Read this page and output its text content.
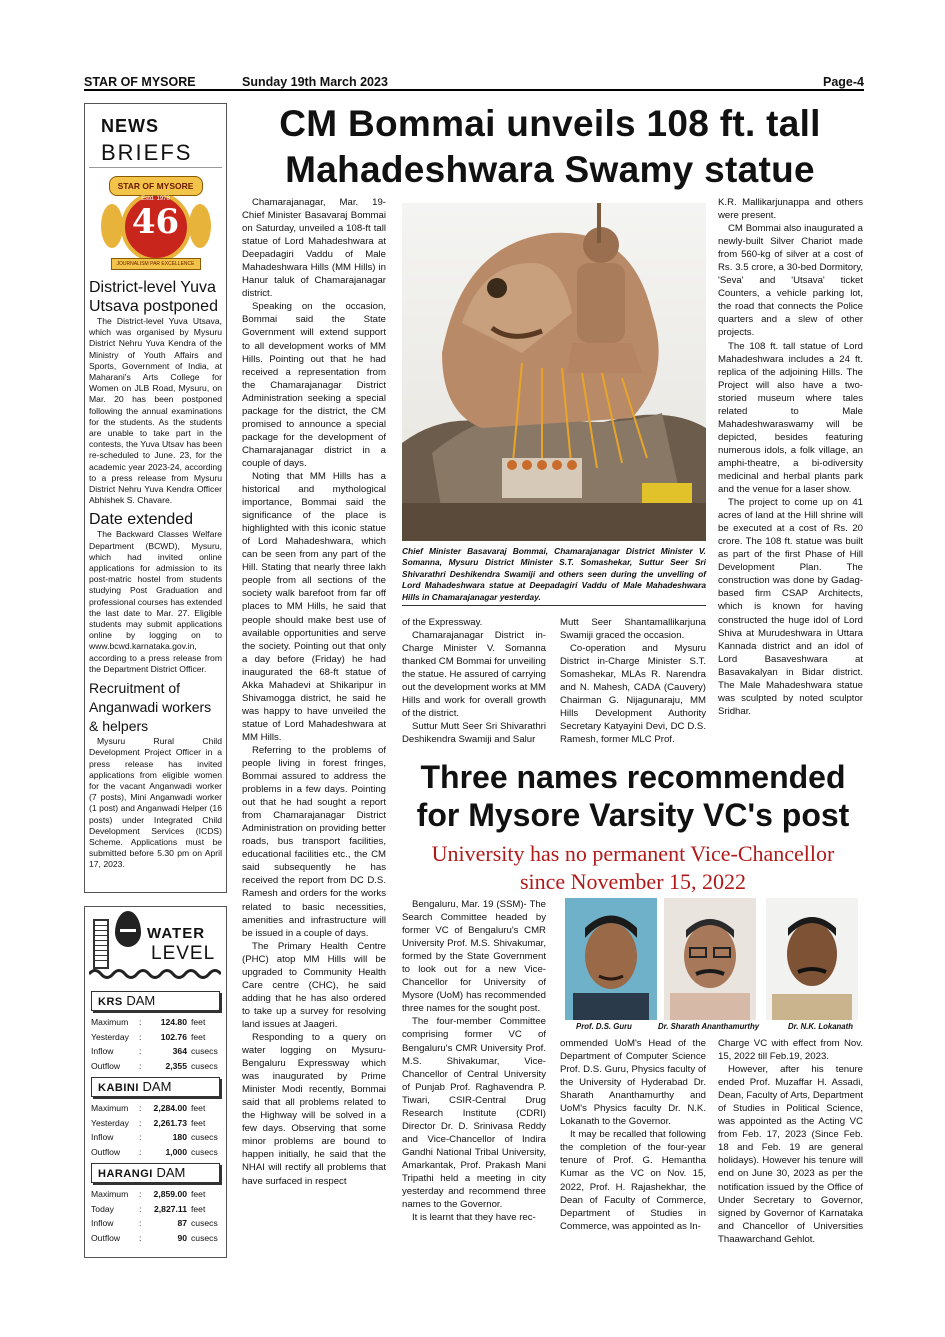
STAR OF MYSORE	Sunday 19th March 2023	Page-4
NEWS
BRIEFS
46
STAR OF MYSORE
Estd. 1978
JOURNALISM PAR EXCELLENCE
District-level Yuva Utsava postponed
The District-level Yuva Utsava, which was organised by Mysuru District Nehru Yuva Kendra of the Ministry of Youth Affairs and Sports, Government of India, at Maharani's Arts College for Women on JLB Road, Mysuru, on Mar. 20 has been postponed following the annual examinations for the students. As the students are unable to take part in the contests, the Yuva Utsav has been re-scheduled to June. 23, for the academic year 2023-24, according to a press release from Mysuru District Nehru Yuva Kendra Officer Abhishek S. Chavare.
Date extended
The Backward Classes Welfare Department (BCWD), Mysuru, which had invited online applications for admission to its post-matric hostel from students studying Post Graduation and professional courses has extended the last date to Mar. 27. Eligible students may submit applications online by logging on to www.bcwd.karnataka.gov.in, according to a press release from the Department District Officer.
Recruitment of Anganwadi workers & helpers
Mysuru Rural Child Development Project Officer in a press release has invited applications from eligible women for the vacant Anganwadi worker (7 posts), Mini Anganwadi worker (1 post) and Anganwadi Helper (16 posts) under Integrated Child Development Services (ICDS) Scheme. Applications must be submitted before 5.30 pm on April 17, 2023.
WATER
LEVEL
KRS DAM
Maximum	:	124.80	feet
Yesterday	:	102.76	feet
Inflow	:	364	cusecs
Outflow	:	2,355	cusecs
KABINI DAM
Maximum	:	2,284.00	feet
Yesterday	:	2,261.73	feet
Inflow	:	180	cusecs
Outflow	:	1,000	cusecs
HARANGI DAM
Maximum	:	2,859.00	feet
Today	:	2,827.11	feet
Inflow	:	87	cusecs
Outflow	:	90	cusecs
CM Bommai unveils 108 ft. tall
Mahadeshwara Swamy statue

Chamarajanagar, Mar. 19- Chief Minister Basavaraj Bommai on Saturday, unveiled a 108-ft tall statue of Lord Mahadeshwara at Deepadagiri Vaddu of Male Mahadeshwara Hills (MM Hills) in Hanur taluk of Chamarajanagar district.

Speaking on the occasion, Bommai said the State Government will extend support to all development works of MM Hills. Pointing out that he had received a representation from the Chamarajanagar District Administration seeking a special package for the district, the CM promised to announce a special package for the development of Chamarajanagar district in a couple of days.

Noting that MM Hills has a historical and mythological importance, Bommai said the significance of the place is highlighted with this iconic statue of Lord Mahadeshwara, which can be seen from any part of the Hill. Stating that nearly three lakh people from all sections of the society walk barefoot from far off places to MM Hills, he said that people should make best use of available opportunities and serve the society. Pointing out that only a day before (Friday) he had inaugurated the 68-ft statue of Akka Mahadevi at Shikaripur in Shivamogga district, he said he was happy to have unveiled the statue of Lord Mahadeshwara at MM Hills.

Referring to the problems of people living in forest fringes, Bommai assured to address the problems in a few days. Pointing out that he had sought a report from Chamarajanagar District Administration on providing better roads, bus transport facilities, educational facilities etc., the CM said subsequently he has received the report from DC D.S. Ramesh and orders for the works related to basic necessities, amenities and infrastructure will be issued in a couple of days.

The Primary Health Centre (PHC) atop MM Hills will be upgraded to Community Health Care centre (CHC), he said adding that he has also ordered to take up a survey for resolving land issues at Jaageri.

Responding to a query on water logging on Mysuru-Bengaluru Expressway which was inaugurated by Prime Minister Modi recently, Bommai said that all problems related to the Highway will be solved in a few days. Observing that some minor problems are bound to happen initially, he said that the NHAI will rectify all problems that have surfaced in respect

Chief Minister Basavaraj Bommai, Chamarajanagar District Minister V. Somanna, Mysuru District Minister S.T. Somashekar, Suttur Seer Sri Shivarathri Deshikendra Swamiji and others seen during the unvelling of Lord Mahadeshwara statue at Deepadagiri Vaddu of Male Mahadeshwara Hills in Chamarajanagar yesterday.

of the Expressway.

Chamarajanagar District in-Charge Minister V. Somanna thanked CM Bommai for unveiling the statue. He assured of carrying out the development works at MM Hills and work for overall growth of the district.

Suttur Mutt Seer Sri Shivarathri Deshikendra Swamiji and Salur

Mutt Seer Shantamallikarjuna Swamiji graced the occasion.

Co-operation and Mysuru District in-Charge Minister S.T. Somashekar, MLAs R. Narendra and N. Mahesh, CADA (Cauvery) Chairman G. Nijagunaraju, MM Hills Development Authority Secretary Katyayini Devi, DC D.S. Ramesh, former MLC Prof.

K.R. Mallikarjunappa and others were present.

CM Bommai also inaugurated a newly-built Silver Chariot made from 560-kg of silver at a cost of Rs. 3.5 crore, a 30-bed Dormitory, 'Seva' and 'Utsava' ticket Counters, a vehicle parking lot, the road that connects the Police quarters and a slew of other projects.

The 108 ft. tall statue of Lord Mahadeshwara includes a 24 ft. replica of the adjoining Hills. The Project will also have a two-storied museum where tales related to Male Mahadeshwaraswamy will be depicted, besides featuring numerous idols, a folk village, an amphi-theatre, a bi-odiversity medicinal and herbal plants park and the venue for a laser show.

The project to come up on 41 acres of land at the Hill shrine will be executed at a cost of Rs. 20 crore. The 108 ft. statue was built as part of the first Phase of Hill Development Plan. The construction was done by Gadag-based firm CSAP Architects, which is known for having constructed the huge idol of Lord Shiva at Murudeshwara in Uttara Kannada district and an idol of Lord Basaveshwara at Basavakalyan in Bidar district. The Male Mahadeshwara statue was sculpted by noted sculptor Sridhar.

Three names recommended
for Mysore Varsity VC's post
University has no permanent Vice-Chancellor
since November 15, 2022

Bengaluru, Mar. 19 (SSM)- The Search Committee headed by former VC of Bengaluru's CMR University Prof. M.S. Shivakumar, formed by the State Government to look out for a new Vice-Chancellor for University of Mysore (UoM) has recommended three names for the sought post.

The four-member Committee comprising former VC of Bengaluru's CMR University Prof. M.S. Shivakumar, Vice-Chancellor of Central University of Punjab Prof. Raghavendra P. Tiwari, CSIR-Central Drug Research Institute (CDRI) Director Dr. D. Srinivasa Reddy and Vice-Chancellor of Indira Gandhi National Tribal University, Amarkantak, Prof. Prakash Mani Tripathi held a meeting in city yesterday and recommend three names to the Governor.

It is learnt that they have rec-

Prof. D.S. Guru	Dr. Sharath Ananthamurthy	Dr. N.K. Lokanath

ommended UoM's Head of the Department of Computer Science Prof. D.S. Guru, Physics faculty of the University of Hyderabad Dr. Sharath Ananthamurthy and UoM's Physics faculty Dr. N.K. Lokanath to the Governor.

It may be recalled that following the completion of the four-year tenure of Prof. G. Hemantha Kumar as the VC on Nov. 15, 2022, Prof. H. Rajashekhar, the Dean of Faculty of Commerce, Department of Studies in Commerce, was appointed as In-

Charge VC with effect from Nov. 15, 2022 till Feb.19, 2023.

However, after his tenure ended Prof. Muzaffar H. Assadi, Dean, Faculty of Arts, Department of Studies in Political Science, was appointed as the Acting VC from Feb. 17, 2023 (Since Feb. 18 and Feb. 19 are general holidays). However his tenure will end on June 30, 2023 as per the notification issued by the Office of Under Secretary to Governor, signed by Governor of Karnataka and Chancellor of Universities Thaawarchand Gehlot.
